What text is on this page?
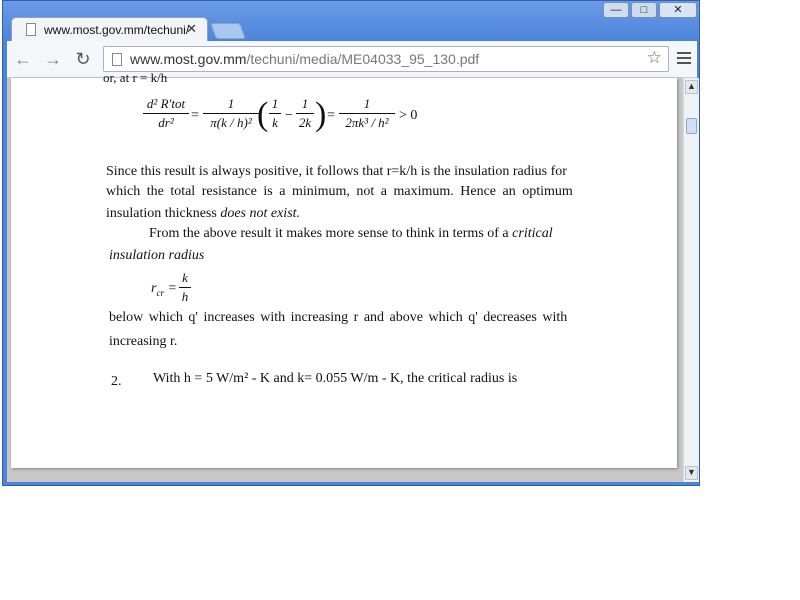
www.most.gov.mm/techuni/
✕
—	□	✕
← → ↻	www.most.gov.mm/techuni/media/ME04033_95_130.pdf	☆
or, at r = k/h
d² R′tot
dr²	=
1
π(k / h)² ( 1
k −
1
2k ) =
1
2πk³ / h² > 0
Since this result is always positive, it follows that r=k/h is the insulation radius for
which the total resistance is a minimum, not a maximum. Hence an optimum
insulation thickness does not exist.
From the above result it makes more sense to think in terms of a critical
insulation radius
$r_{cr}$ =
k
h
below which q' increases with increasing r and above which q' decreases with
increasing r.
2. With h = 5 W/m² - K and k= 0.055 W/m - K, the critical radius is
▲
▼
